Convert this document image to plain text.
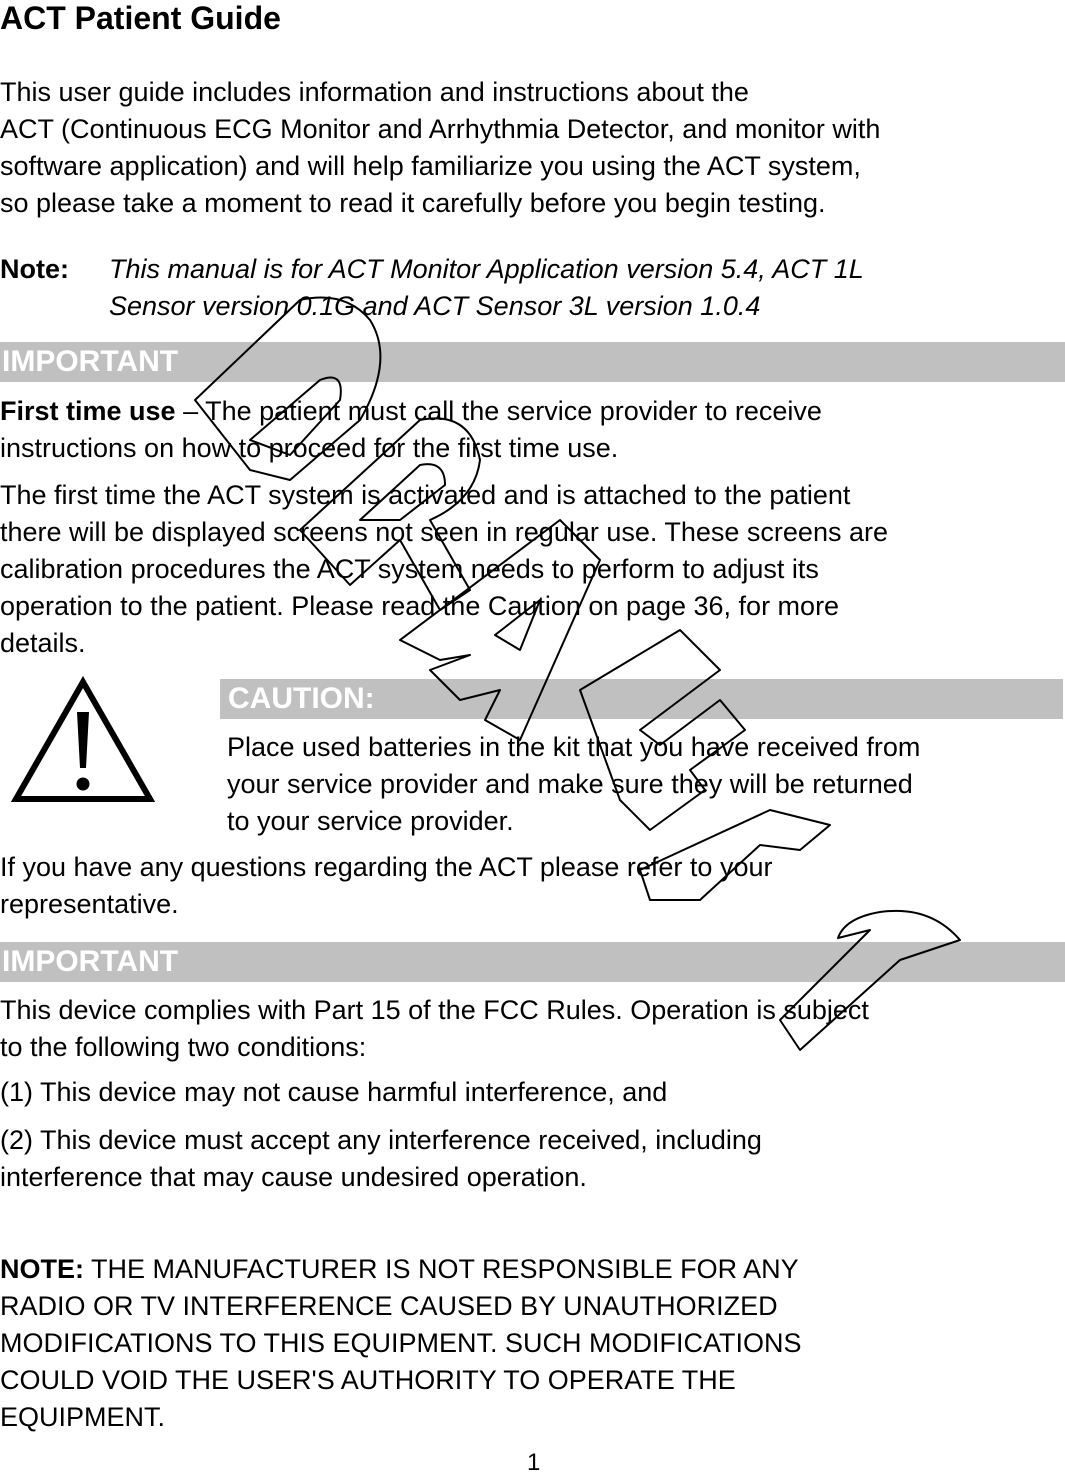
ACT Patient Guide
This user guide includes information and instructions about the
ACT (Continuous ECG Monitor and Arrhythmia Detector, and monitor with
software application) and will help familiarize you using the ACT system,
so please take a moment to read it carefully before you begin testing.
Note: This manual is for ACT Monitor Application version 5.4, ACT 1L
Sensor version 0.1G and ACT Sensor 3L version 1.0.4
IMPORTANT
First time use – The patient must call the service provider to receive
instructions on how to proceed for the first time use.
The first time the ACT system is activated and is attached to the patient
there will be displayed screens not seen in regular use. These screens are
calibration procedures the ACT system needs to perform to adjust its
operation to the patient. Please read the Caution on page 36, for more
details.
CAUTION:
Place used batteries in the kit that you have received from
your service provider and make sure they will be returned
to your service provider.
If you have any questions regarding the ACT please refer to your
representative.
IMPORTANT
This device complies with Part 15 of the FCC Rules. Operation is subject
to the following two conditions:
(1) This device may not cause harmful interference, and
(2) This device must accept any interference received, including
interference that may cause undesired operation.
NOTE: THE MANUFACTURER IS NOT RESPONSIBLE FOR ANY
RADIO OR TV INTERFERENCE CAUSED BY UNAUTHORIZED
MODIFICATIONS TO THIS EQUIPMENT. SUCH MODIFICATIONS
COULD VOID THE USER'S AUTHORITY TO OPERATE THE
EQUIPMENT.
1
